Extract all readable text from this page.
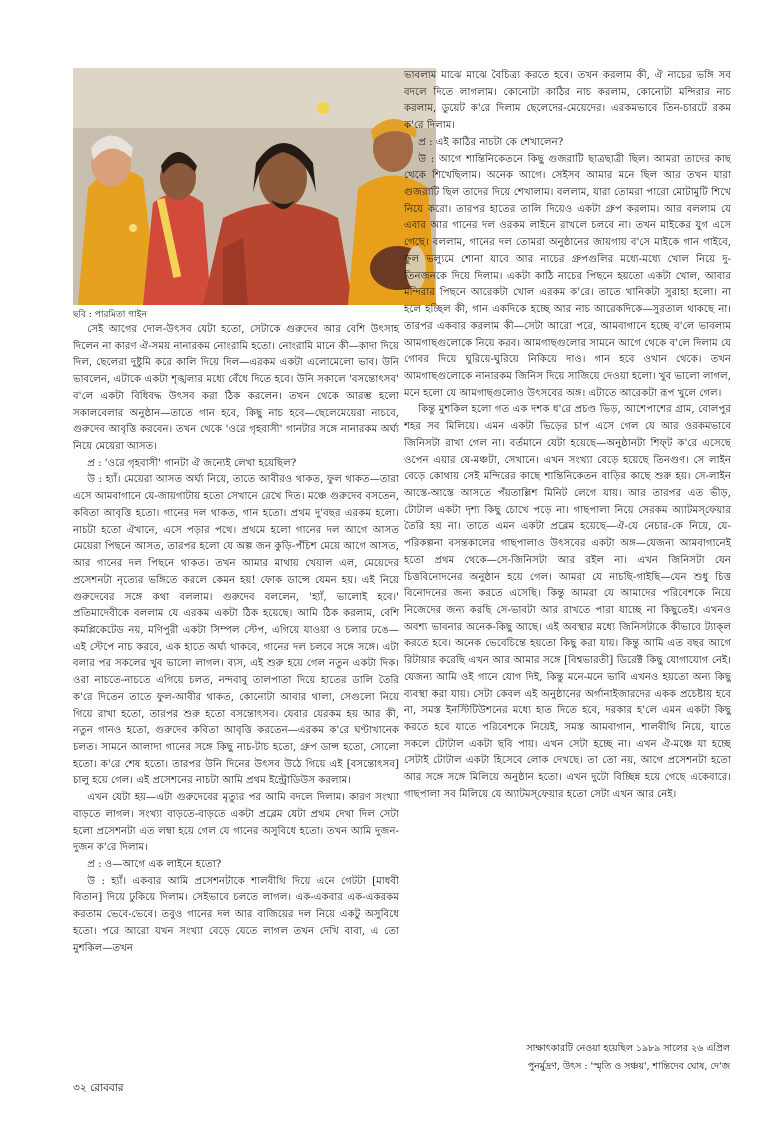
ছবি : পারমিতা গাইন

সেই আগের দোল-উৎসব যেটা হতো, সেটাকে গুরুদেব আর বেশি উৎসাহ দিলেন না কারণ ঐ-সময় নানারকম নোংরামি হতো। নোংরামি মানে কী—কাদা দিয়ে দিল, ছেলেরা দুষ্টুমি করে কালি দিয়ে দিল—এরকম একটা এলোমেলো ভাব। উনি ভাবলেন, এটাকে একটা শৃঙ্খলার মধ্যে বেঁধে দিতে হবে। উনি সকালে 'বসন্তোৎসব' ব'লে একটা বিধিবদ্ধ উৎসব করা ঠিক করলেন। তখন থেকে আরম্ভ হলো সকালবেলার অনুষ্ঠান—তাতে গান হবে, কিছু নাচ হবে—ছেলেমেয়েরা নাচবে, গুরুদেব আবৃত্তি করবেন। তখন থেকে 'ওরে গৃহবাসী' গানটার সঙ্গে নানারকম অর্ঘ্য নিয়ে মেয়েরা আসত।

প্র : 'ওরে গৃহবাসী' গানটা ঐ জন্যেই লেখা হয়েছিল?

উ : হ্যাঁ। মেয়েরা আসত অর্ঘ্য নিয়ে, তাতে আবীরও থাকত, ফুল থাকত—তারা এসে আমবাগানে যে-জায়গাটায় হতো সেখানে রেখে দিত। মঞ্চে গুরুদেব বসতেন, কবিতা আবৃত্তি হতো। গানের দল থাকত, গান হতো। প্রথম দু'বছর এরকম হলো। নাচটা হতো ঐখানে, এসে পড়ার পথে। প্রথমে হলো গানের দল আগে আসত মেয়েরা পিছনে আসত, তারপর হলো যে অল্প জন কুড়ি-পঁচিশ মেয়ে আগে আসত, আর গানের দল পিছনে থাকত। তখন আমার মাথায় খেয়াল এল, মেয়েদের প্রসেশনটা নৃত্যের ভঙ্গিতে করলে কেমন হয়! ফোক ডান্সে যেমন হয়। এই নিয়ে গুরুদেবের সঙ্গে কথা বললাম। গুরুদেব বললেন, 'হ্যাঁ, ভালোই হবে।' প্রতিমাদেবীকে বললাম যে এরকম একটা ঠিক হয়েছে। আমি ঠিক করলাম, বেশি কমপ্লিকেটেড নয়, মণিপুরী একটা সিম্পল স্টেপ, এগিয়ে যাওয়া ও চলার ঢঙে—এই স্টেপে নাচ করবে, এক হাতে অর্ঘ্য থাকবে, গানের দল চলবে সঙ্গে সঙ্গে। এটা বলার পর সকলের খুব ভালো লাগল। ব্যস, এই শুরু হয়ে গেল নতুন একটা দিক। ওরা নাচতে-নাচতে এগিয়ে চলত, নন্দবাবু তালপাতা দিয়ে হাতের ডালি তৈরি ক'রে দিতেন তাতে ফুল-আবীর থাকত, কোনোটা আবার থালা, সেগুলো নিয়ে গিয়ে রাখা হতো, তারপর শুরু হতো বসন্তোৎসব। যেবার যেরকম হয় আর কী, নতুন গানও হতো, গুরুদেব কবিতা আবৃত্তি করতেন—এরকম ক'রে ঘণ্টাখানেক চলত। সামনে আলাদা গানের সঙ্গে কিছু নাচ-টাচ হতো, গ্রুপ ডান্স হতো, সোলো হতো। ক'রে শেষ হতো। তারপর উনি দিনের উৎসব উঠে গিয়ে এই [বসন্তোৎসব] চালু হয়ে গেল। এই প্রসেশনের নাচটা আমি প্রথম ইন্ট্রোডিউস করলাম।

এখন যেটা হয়—এটা গুরুদেবের মৃত্যুর পর আমি বদলে দিলাম। কারণ সংখ্যা বাড়তে লাগল। সংখ্যা বাড়তে-বাড়তে একটা প্রব্লেম যেটা প্রথম দেখা দিল সেটা হলো প্রসেশনটা এত লম্বা হয়ে গেল যে গানের অসুবিধে হতো। তখন আমি দুজন-দুজন ক'রে দিলাম।

প্র : ও—আগে এক লাইনে হতো?

উ : হ্যাঁ। একবার আমি প্রসেশনটাকে শালবীথি দিয়ে এনে গেটটা [মাধবী বিতান] দিয়ে ঢুকিয়ে দিলাম। সেইভাবে চলতে লাগল। এক-একবার এক-একরকম করতাম ভেবে-ভেবে। তবুও গানের দল আর বাজিয়ের দল নিয়ে একটু অসুবিধে হতো। পরে আরো যখন সংখ্যা বেড়ে যেতে লাগল তখন দেখি বাবা, এ তো মুশকিল—তখন

ভাবলাম মাঝে মাঝে বৈচিত্র্য করতে হবে। তখন করলাম কী, ঐ নাচের ভঙ্গি সব বদলে দিতে লাগলাম। কোনোটা কাঠির নাচ করলাম, কোনোটা মন্দিরার নাচ করলাম, ডুয়েট ক'রে দিলাম ছেলেদের-মেয়েদের। এরকমভাবে তিন-চারটে রকম ক'রে দিলাম।

প্র : এই কাঠির নাচটা কে শেখালেন?

উ : আগে শান্তিনিকেতনে কিছু গুজরাটি ছাত্রছাত্রী ছিল। আমরা তাদের কাছ থেকে শিখেছিলাম। অনেক আগে। সেইসব আমার মনে ছিল আর তখন যারা গুজরাটি ছিল তাদের দিয়ে শেখালাম। বললাম, যারা তোমরা পারো মোটামুটি শিখে নিয়ে করো। তারপর হাতের তালি দিয়েও একটা গ্রুপ করলাম। আর বললাম যে এবার আর গানের দল ওরকম লাইনে রাখলে চলবে না। তখন মাইকের যুগ এসে গেছে। বললাম, গানের দল তোমরা অনুষ্ঠানের জায়গায় ব'সে মাইকে গান গাইবে, ফুল ভল্যুমে শোনা যাবে আর নাচের গ্রুপগুলির মধ্যে-মধ্যে খোল নিয়ে দু-তিনজনকে দিয়ে দিলাম। একটা কাঠি নাচের পিছনে হয়তো একটা খোল, আবার মন্দিরার পিছনে আরেকটা খোল এরকম ক'রে। তাতে খানিকটা সুরাহা হলো। না হলে হচ্ছিল কী, গান একদিকে হচ্ছে আর নাচ আরেকদিকে—সুরতাল থাকছে না। তারপর একবার করলাম কী—সেটা আরো পরে, আমবাগানে হচ্ছে ব'লে ভাবলাম আমগাছগুলোকে নিয়ে করব। আমগাছগুলোর সামনে আগে থেকে ব'লে দিলাম যে গোবর দিয়ে ঘুরিয়ে-ঘুরিয়ে নিকিয়ে দাও। গান হবে ওখান থেকে। তখন আমগাছগুলোকে নানারকম জিনিস দিয়ে সাজিয়ে দেওয়া হলো। খুব ভালো লাগল, মনে হলো যে আমগাছগুলোও উৎসবের অঙ্গ। এটাতে আরেকটা রূপ খুলে গেল।

কিন্তু মুশকিল হলো গত এক দশক ধ'রে প্রচণ্ড ভিড়, আশেপাশের গ্রাম, বোলপুর শহর সব মিলিয়ে। এমন একটা ভিড়ের চাপ এসে গেল যে আর ওরকমভাবে জিনিসটা রাখা গেল না। বর্তমানে যেটা হয়েছে—অনুষ্ঠানটা শিফ্‌ট ক'রে এসেছে ওপেন এয়ার যে-মঞ্চটা, সেখানে। এখন সংখ্যা বেড়ে হয়েছে তিনগুণ। সে লাইন বেড়ে কোথায় সেই মন্দিরের কাছে শান্তিনিকেতন বাড়ির কাছে শুরু হয়। সে-লাইন আস্তে-আস্তে আসতে পঁয়তাল্লিশ মিনিট লেগে যায়। আর তারপর এত ভীড়, টোটাল একটা দৃশ্য কিছু চোখে পড়ে না। গাছপালা নিয়ে সেরকম অ্যাটমস্‌ফেয়ার তৈরি হয় না। তাতে এমন একটা প্রব্লেম হয়েছে—ঐ-যে নেচার-কে নিয়ে, যে-পরিকল্পনা বসন্তকালের গাছপালাও উৎসবের একটা অঙ্গ—যেজন্য আমবাগানেই হতো প্রথম থেকে—সে-জিনিসটা আর রইল না। এখন জিনিসটা যেন চিত্তবিনোদনের অনুষ্ঠান হয়ে গেল। আমরা যে নাচছি-গাইছি—যেন শুধু চিত্ত বিনোদনের জন্য করতে এসেছি। কিন্তু আমরা যে আমাদের পরিবেশকে নিয়ে নিজেদের জন্য করছি সে-ভাবটা আর রাখতে পারা যাচ্ছে না কিছুতেই। এখনও অবশ্য ভাবনার অনেক-কিছু আছে। এই অবস্থার মধ্যে জিনিসটাকে কীভাবে ট্যাক্‌ল করতে হবে। অনেক ভেবেচিন্তে হয়তো কিছু করা যায়। কিন্তু আমি এত বছর আগে রিটায়ার করেছি এখন আর আমার সঙ্গে [বিশ্বভারতী] ডিরেক্ট কিছু যোগাযোগ নেই। যেজন্য আমি ওই গানে যোগ দিই, কিন্তু মনে-মনে ভাবি এখনও হয়তো অন্য কিছু ব্যবস্থা করা যায়। সেটা কেবল এই অনুষ্ঠানের অর্গানাইজারদের একক প্রচেষ্টায় হবে না, সমস্ত ইনস্টিটিউশনের মধ্যে হাত দিতে হবে, দরকার হ'লে এমন একটা কিছু করতে হবে যাতে পরিবেশকে নিয়েই, সমস্ত আমবাগান, শালবীথি নিয়ে, যাতে সকলে টোটাল একটা ছবি পায়। এখন সেটা হচ্ছে না। এখন ঐ-মঞ্চে যা হচ্ছে সেটাই টোটাল একটা হিসেবে লোক দেখছে। তা তো নয়, আগে প্রসেশনটা হতো আর সঙ্গে সঙ্গে মিলিয়ে অনুষ্ঠান হতো। এখন দুটো বিচ্ছিন্ন হয়ে গেছে একেবারে। গাছপালা সব মিলিয়ে যে অ্যাটমস্‌ফেয়ার হতো সেটা এখন আর নেই।

সাক্ষাৎকারটি নেওয়া হয়েছিল ১৯৮৯ সালের ২৬ এপ্রিল
পুনর্মুদ্রণ, উৎস : 'স্মৃতি ও সঞ্চয়', শান্তিদেব ঘোষ, দে'জ
৩২ রোববার
